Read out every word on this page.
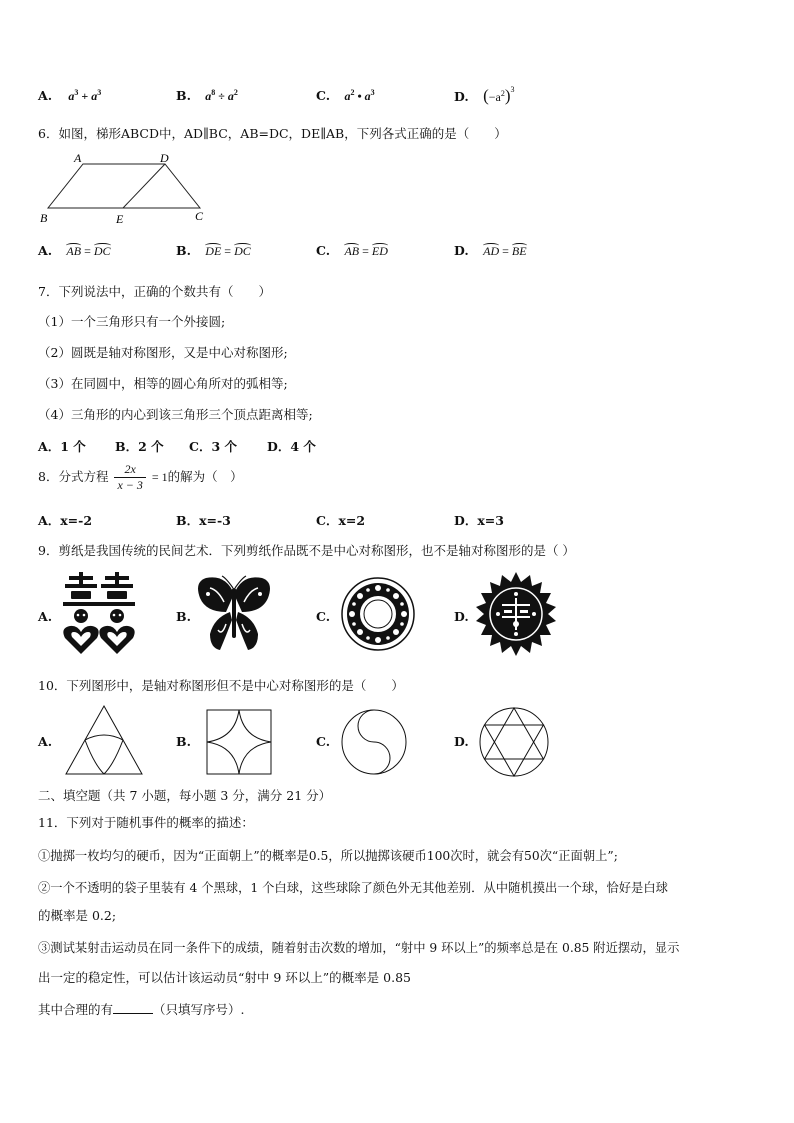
A. $a^3 + a^3$	B. $a^8 \div a^2$	C. $a^2$ • $a^3$	D. $(-a^2)^3$
6．如图，梯形ABCD中，AD∥BC，AB=DC，DE∥AB，下列各式正确的是（　　）
A	D
B	E	C
A. AB = DC	B. DE = DC	C. AB = ED	D. AD = BE
7．下列说法中，正确的个数共有（　　）
（1）一个三角形只有一个外接圆;
（2）圆既是轴对称图形，又是中心对称图形;
（3）在同圆中，相等的圆心角所对的弧相等;
（4）三角形的内心到该三角形三个顶点距离相等;
A．1 个 B．2 个 C．3 个 D．4 个
8．分式方程 $\frac{2x}{x - 3} = 1$的解为（　）
A．x=-2	B．x=-3	C．x=2	D．x=3
9．剪纸是我国传统的民间艺术．下列剪纸作品既不是中心对称图形，也不是轴对称图形的是（ ）
A.	B.	C.	D.
10．下列图形中，是轴对称图形但不是中心对称图形的是（　　）
A.	B.	C.	D.
二、填空题（共 7 小题，每小题 3 分，满分 21 分）
11．下列对于随机事件的概率的描述：
①抛掷一枚均匀的硬币，因为“正面朝上”的概率是0.5，所以抛掷该硬币100次时，就会有50次“正面朝上”;
②一个不透明的袋子里装有 4 个黑球，1 个白球，这些球除了颜色外无其他差别．从中随机摸出一个球，恰好是白球
的概率是 0.2;
③测试某射击运动员在同一条件下的成绩，随着射击次数的增加，“射中 9 环以上”的频率总是在 0.85 附近摆动，显示
出一定的稳定性，可以估计该运动员“射中 9 环以上”的概率是 0.85
其中合理的有	（只填写序号）.
